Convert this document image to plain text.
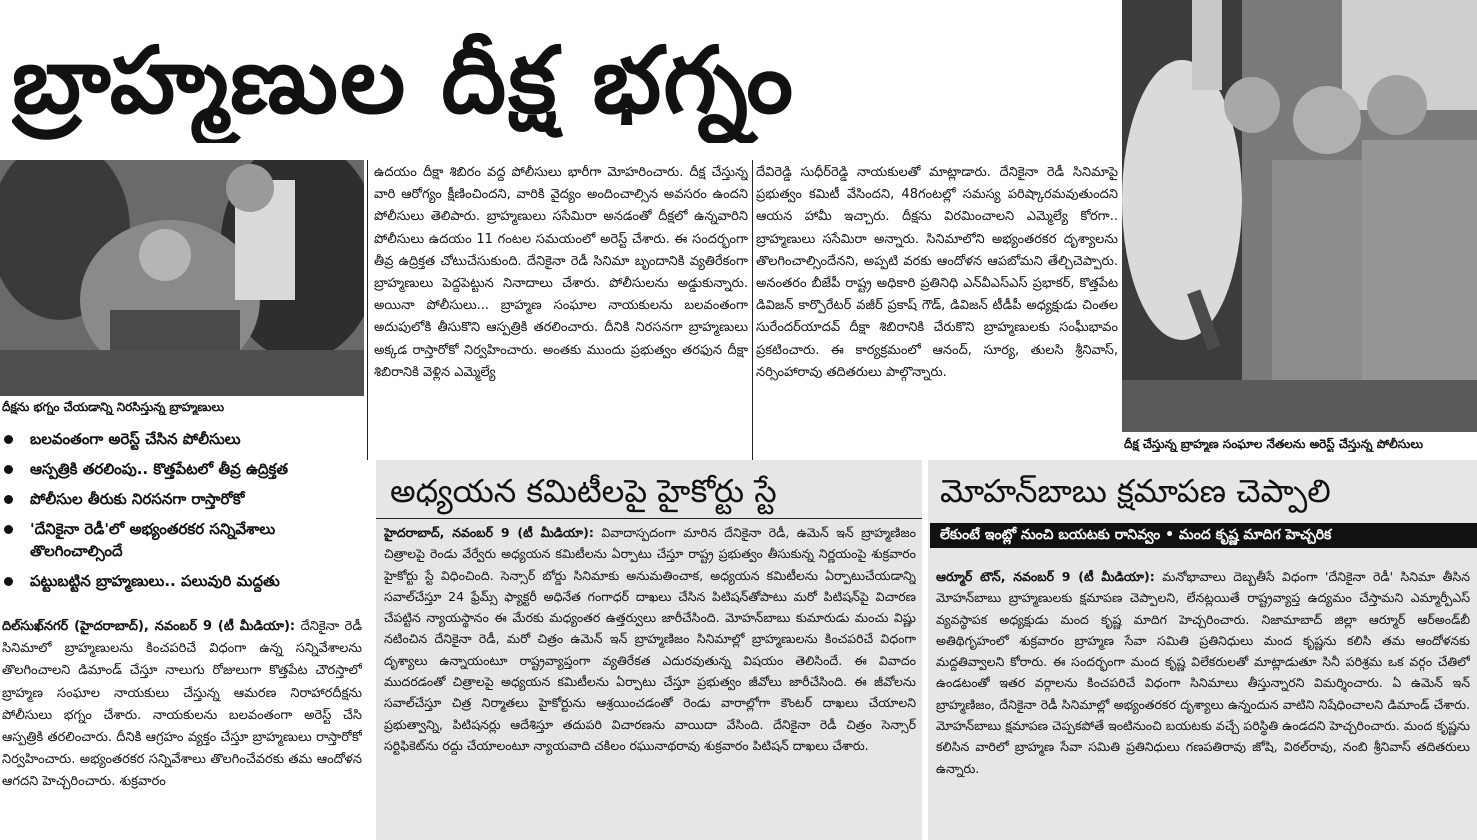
బ్రాహ్మణుల దీక్ష భగ్నం
దీక్షను భగ్నం చేయడాన్ని నిరసిస్తున్న బ్రాహ్మణులు
బలవంతంగా అరెస్ట్ చేసిన పోలీసులు
ఆస్పత్రికి తరలింపు.. కొత్తపేటలో తీవ్ర ఉద్రిక్తత
పోలీసుల తీరుకు నిరసనగా రాస్తారోకో
'దేనికైనా రెడీ'లో అభ్యంతరకర సన్నివేశాలు తొలగించాల్సిందే
పట్టుబట్టిన బ్రాహ్మణులు.. పలువురి మద్దతు

దిల్‌సుఖ్‌నగర్ (హైదరాబాద్), నవంబర్ 9 (టీ మీడియా): దేనికైనా రెడీ సినిమాలో బ్రాహ్మణులను కించపరిచే విధంగా ఉన్న సన్నివేశాలను తొలగించాలని డిమాండ్ చేస్తూ నాలుగు రోజులుగా కొత్తపేట చౌరస్తాలో బ్రాహ్మణ సంఘాల నాయకులు చేస్తున్న ఆమరణ నిరాహారదీక్షను పోలీసులు భగ్నం చేశారు. నాయకులను బలవంతంగా అరెస్ట్ చేసి ఆస్పత్రికి తరలించారు. దీనికి ఆగ్రహం వ్యక్తం చేస్తూ బ్రాహ్మణులు రాస్తారోకో నిర్వహించారు. అభ్యంతరకర సన్నివేశాలు తొలగించేవరకు తమ ఆందోళన ఆగదని హెచ్చరించారు. శుక్రవారం

ఉదయం దీక్షా శిబిరం వద్ద పోలీసులు భారీగా మోహరించారు. దీక్ష చేస్తున్న వారి ఆరోగ్యం క్షీణించిందని, వారికి వైద్యం అందించాల్సిన అవసరం ఉందని పోలీసులు తెలిపారు. బ్రాహ్మణులు ససేమిరా అనడంతో దీక్షలో ఉన్నవారిని పోలీసులు ఉదయం 11 గంటల సమయంలో అరెస్ట్ చేశారు. ఈ సందర్భంగా తీవ్ర ఉద్రిక్తత చోటుచేసుకుంది. దేనికైనా రెడీ సినిమా బృందానికి వ్యతిరేకంగా బ్రాహ్మణులు పెద్దపెట్టున నినాదాలు చేశారు. పోలీసులను అడ్డుకున్నారు. అయినా పోలీసులు... బ్రాహ్మణ సంఘాల నాయకులను బలవంతంగా అదుపులోకి తీసుకొని ఆస్పత్రికి తరలించారు. దీనికి నిరసనగా బ్రాహ్మణులు అక్కడ రాస్తారోకో నిర్వహించారు. అంతకు ముందు ప్రభుత్వం తరఫున దీక్షా శిబిరానికి వెళ్లిన ఎమ్మెల్యే

దేవిరెడ్డి సుధీర్‌రెడ్డి నాయకులతో మాట్లాడారు. దేనికైనా రెడీ సినిమాపై ప్రభుత్వం కమిటీ వేసిందని, 48గంటల్లో సమస్య పరిష్కారమవుతుందని ఆయన హామీ ఇచ్చారు. దీక్షను విరమించాలని ఎమ్మెల్యే కోరగా.. బ్రాహ్మణులు ససేమిరా అన్నారు. సినిమాలోని అభ్యంతరకర దృశ్యాలను తొలగించాల్సిందేనని, అప్పటి వరకు ఆందోళన ఆపబోమని తేల్చిచెప్పారు. అనంతరం బీజేపీ రాష్ట్ర అధికారి ప్రతినిధి ఎన్‌వీఎస్‌ఎస్ ప్రభాకర్, కొత్తపేట డివిజన్ కార్పొరేటర్ వజీర్ ప్రకాష్ గౌడ్, డివిజన్ టీడీపీ అధ్యక్షుడు చింతల సురేందర్‌యాదవ్ దీక్షా శిబిరానికి చేరుకొని బ్రాహ్మణులకు సంఘీభావం ప్రకటించారు. ఈ కార్యక్రమంలో ఆనంద్, సూర్య, తులసి శ్రీనివాస్, నర్సింహారావు తదితరులు పాల్గొన్నారు.

దీక్ష చేస్తున్న బ్రాహ్మణ సంఘాల నేతలను అరెస్ట్ చేస్తున్న పోలీసులు
అధ్యయన కమిటీలపై హైకోర్టు స్టే

హైదరాబాద్, నవంబర్ 9 (టీ మీడియా): వివాదాస్పదంగా మారిన దేనికైనా రెడీ, ఉమెన్ ఇన్ బ్రాహ్మణిజం చిత్రాలపై రెండు వేర్వేరు అధ్యయన కమిటీలను ఏర్పాటు చేస్తూ రాష్ట్ర ప్రభుత్వం తీసుకున్న నిర్ణయంపై శుక్రవారం హైకోర్టు స్టే విధించింది. సెన్సార్ బోర్డు సినిమాకు అనుమతించాక, అధ్యయన కమిటీలను ఏర్పాటుచేయడాన్ని సవాల్‌చేస్తూ 24 ఫ్రేమ్స్ ఫ్యాక్టరీ అధినేత గంగాధర్ దాఖలు చేసిన పిటిషన్‌తోపాటు మరో పిటిషన్‌పై విచారణ చేపట్టిన న్యాయస్థానం ఈ మేరకు మధ్యంతర ఉత్తర్వులు జారీచేసింది. మోహన్‌బాబు కుమారుడు మంచు విష్ణు నటించిన దేనికైనా రెడీ, మరో చిత్రం ఉమెన్ ఇన్ బ్రాహ్మణిజం సినిమాల్లో బ్రాహ్మణులను కించపరిచే విధంగా దృశ్యాలు ఉన్నాయంటూ రాష్ట్రవ్యాప్తంగా వ్యతిరేకత ఎదురవుతున్న విషయం తెలిసిందే. ఈ వివాదం ముదరడంతో చిత్రాలపై అధ్యయన కమిటీలను ఏర్పాటు చేస్తూ ప్రభుత్వం జీవోలు జారీచేసింది. ఈ జీవోలను సవాల్‌చేస్తూ చిత్ర నిర్మాతలు హైకోర్టును ఆశ్రయించడంతో రెండు వారాల్లోగా కౌంటర్ దాఖలు చేయాలని ప్రభుత్వాన్ని, పిటిషనర్లు ఆదేశిస్తూ తదుపరి విచారణను వాయిదా వేసింది. దేనికైనా రెడీ చిత్రం సెన్సార్ సర్టిఫికెట్‌ను రద్దు చేయాలంటూ న్యాయవాది చకిలం రఘునాథరావు శుక్రవారం పిటిషన్ దాఖలు చేశారు.

మోహన్‌బాబు క్షమాపణ చెప్పాలి
లేకుంటే ఇంట్లో నుంచి బయటకు రానివ్వం • మంద కృష్ణ మాదిగ హెచ్చరిక

ఆర్మూర్ టౌన్, నవంబర్ 9 (టీ మీడియా): మనోభావాలు దెబ్బతీసే విధంగా 'దేనికైనా రెడీ' సినిమా తీసిన మోహన్‌బాబు బ్రాహ్మణులకు క్షమాపణ చెప్పాలని, లేనట్లయితే రాష్ట్రవ్యాప్త ఉద్యమం చేస్తామని ఎమ్మార్పీఎస్ వ్యవస్థాపక అధ్యక్షుడు మంద కృష్ణ మాదిగ హెచ్చరించారు. నిజామాబాద్ జిల్లా ఆర్మూర్ ఆర్‌అండ్‌బీ అతిథిగృహంలో శుక్రవారం బ్రాహ్మణ సేవా సమితి ప్రతినిధులు మంద కృష్ణను కలిసి తమ ఆందోళనకు మద్దతివ్వాలని కోరారు. ఈ సందర్భంగా మంద కృష్ణ విలేకరులతో మాట్లాడుతూ సినీ పరిశ్రమ ఒక వర్గం చేతిలో ఉండటంతో ఇతర వర్గాలను కించపరిచే విధంగా సినిమాలు తీస్తున్నారని విమర్శించారు. ఏ ఉమెన్ ఇన్ బ్రాహ్మణిజం, దేనికైనా రెడీ సినిమాల్లో అభ్యంతరకర దృశ్యాలు ఉన్నందున వాటిని నిషేధించాలని డిమాండ్ చేశారు. మోహన్‌బాబు క్షమాపణ చెప్పకపోతే ఇంటినుంచి బయటకు వచ్చే పరిస్థితి ఉండదని హెచ్చరించారు. మంద కృష్ణను కలిసిన వారిలో బ్రాహ్మణ సేవా సమితి ప్రతినిధులు గణపతిరావు జోషి, విఠల్‌రావు, నంబి శ్రీనివాస్ తదితరులు ఉన్నారు.
